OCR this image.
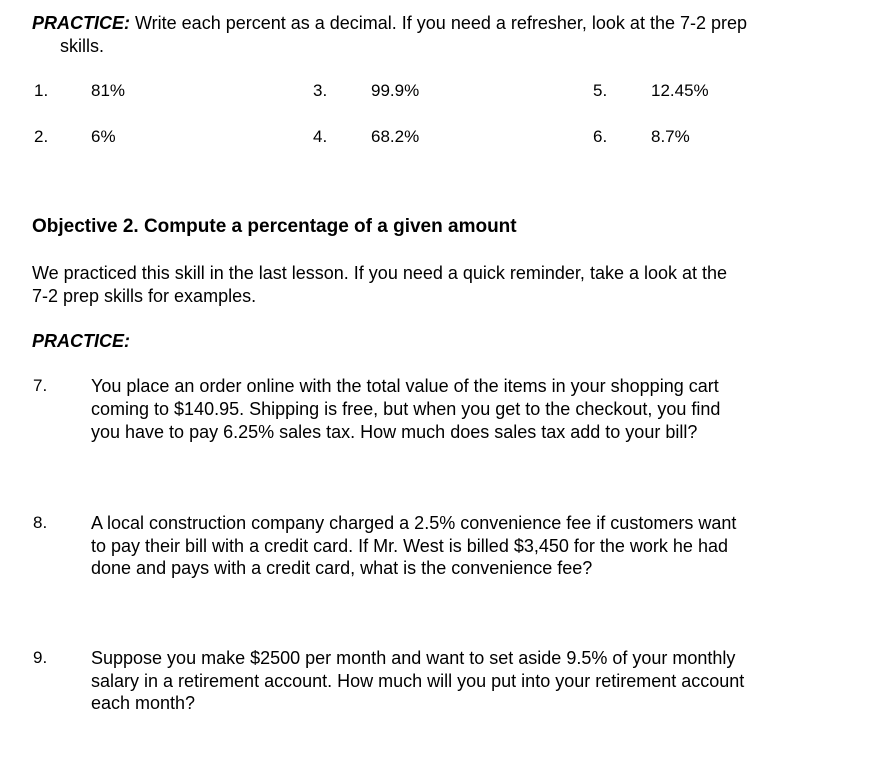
PRACTICE: Write each percent as a decimal. If you need a refresher, look at the 7-2 prep
skills.
1.	81%	3.	99.9%	5.	12.45%
2.	6%	4.	68.2%	6.	8.7%
Objective 2. Compute a percentage of a given amount
We practiced this skill in the last lesson. If you need a quick reminder, take a look at the
7-2 prep skills for examples.
PRACTICE:
7. You place an order online with the total value of the items in your shopping cart
coming to $140.95. Shipping is free, but when you get to the checkout, you find
you have to pay 6.25% sales tax. How much does sales tax add to your bill?
8. A local construction company charged a 2.5% convenience fee if customers want
to pay their bill with a credit card. If Mr. West is billed $3,450 for the work he had
done and pays with a credit card, what is the convenience fee?
9. Suppose you make $2500 per month and want to set aside 9.5% of your monthly
salary in a retirement account. How much will you put into your retirement account
each month?
